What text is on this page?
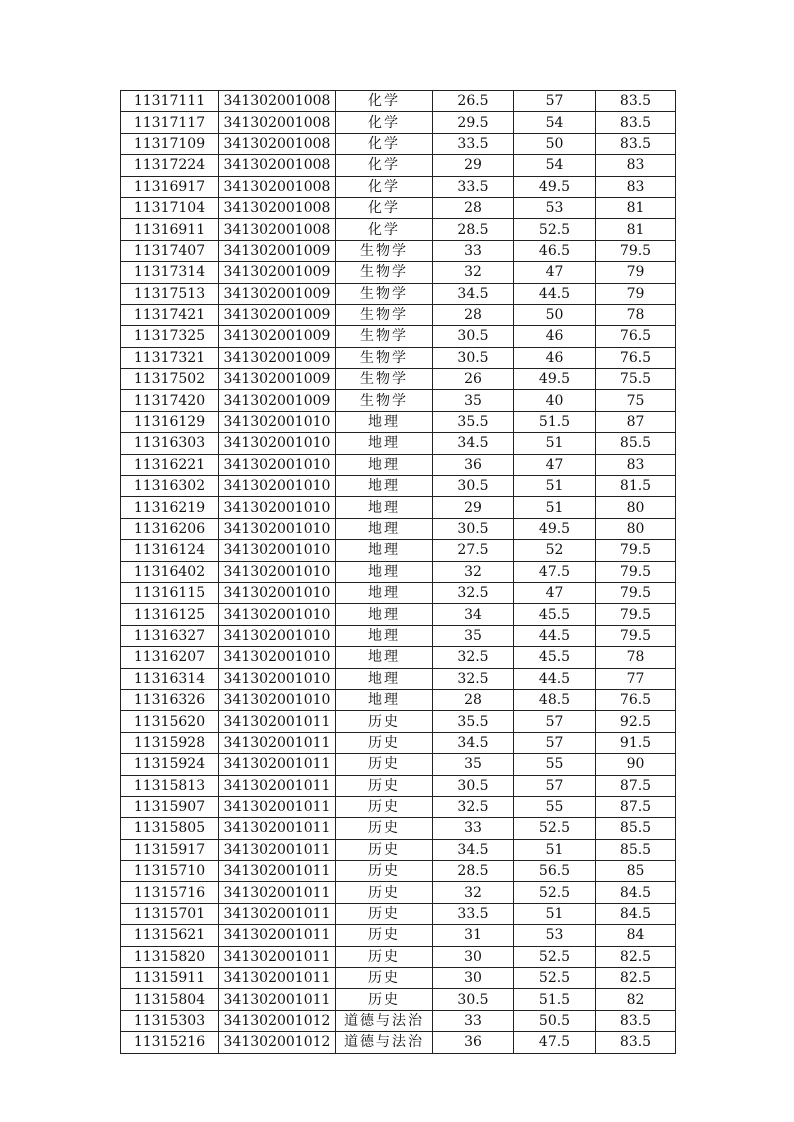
11317111	341302001008	化学	26.5	57	83.5
11317117	341302001008	化学	29.5	54	83.5
11317109	341302001008	化学	33.5	50	83.5
11317224	341302001008	化学	29	54	83
11316917	341302001008	化学	33.5	49.5	83
11317104	341302001008	化学	28	53	81
11316911	341302001008	化学	28.5	52.5	81
11317407	341302001009	生物学	33	46.5	79.5
11317314	341302001009	生物学	32	47	79
11317513	341302001009	生物学	34.5	44.5	79
11317421	341302001009	生物学	28	50	78
11317325	341302001009	生物学	30.5	46	76.5
11317321	341302001009	生物学	30.5	46	76.5
11317502	341302001009	生物学	26	49.5	75.5
11317420	341302001009	生物学	35	40	75
11316129	341302001010	地理	35.5	51.5	87
11316303	341302001010	地理	34.5	51	85.5
11316221	341302001010	地理	36	47	83
11316302	341302001010	地理	30.5	51	81.5
11316219	341302001010	地理	29	51	80
11316206	341302001010	地理	30.5	49.5	80
11316124	341302001010	地理	27.5	52	79.5
11316402	341302001010	地理	32	47.5	79.5
11316115	341302001010	地理	32.5	47	79.5
11316125	341302001010	地理	34	45.5	79.5
11316327	341302001010	地理	35	44.5	79.5
11316207	341302001010	地理	32.5	45.5	78
11316314	341302001010	地理	32.5	44.5	77
11316326	341302001010	地理	28	48.5	76.5
11315620	341302001011	历史	35.5	57	92.5
11315928	341302001011	历史	34.5	57	91.5
11315924	341302001011	历史	35	55	90
11315813	341302001011	历史	30.5	57	87.5
11315907	341302001011	历史	32.5	55	87.5
11315805	341302001011	历史	33	52.5	85.5
11315917	341302001011	历史	34.5	51	85.5
11315710	341302001011	历史	28.5	56.5	85
11315716	341302001011	历史	32	52.5	84.5
11315701	341302001011	历史	33.5	51	84.5
11315621	341302001011	历史	31	53	84
11315820	341302001011	历史	30	52.5	82.5
11315911	341302001011	历史	30	52.5	82.5
11315804	341302001011	历史	30.5	51.5	82
11315303	341302001012	道德与法治	33	50.5	83.5
11315216	341302001012	道德与法治	36	47.5	83.5
